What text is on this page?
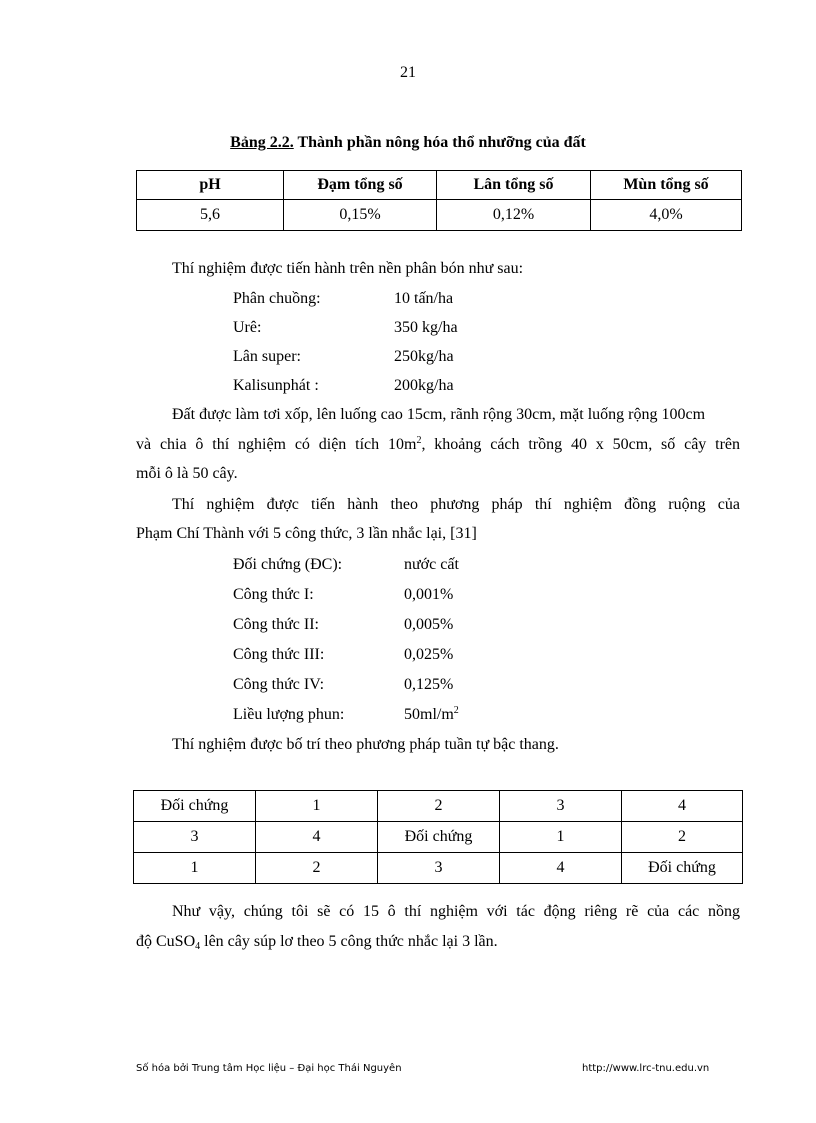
21
Bảng 2.2. Thành phần nông hóa thổ nhưỡng của đất
pH	Đạm tổng số	Lân tổng số	Mùn tổng số
5,6	0,15%	0,12%	4,0%
Thí nghiệm được tiến hành trên nền phân bón như sau:
Phân chuồng:	10 tấn/ha
Urê:	350 kg/ha
Lân super:	250kg/ha
Kalisunphát :	200kg/ha
Đất được làm tơi xốp, lên luống cao 15cm, rãnh rộng 30cm, mặt luống rộng 100cm
và chia ô thí nghiệm có diện tích $10m^2$, khoảng cách trồng 40 x 50cm, số cây trên
mỗi ô là 50 cây.
Thí nghiệm được tiến hành theo phương pháp thí nghiệm đồng ruộng của
Phạm Chí Thành với 5 công thức, 3 lần nhắc lại, [31]
Đối chứng (ĐC):	nước cất
Công thức I:	0,001%
Công thức II:	0,005%
Công thức III:	0,025%
Công thức IV:	0,125%
Liều lượng phun:	$50ml/m^2$
Thí nghiệm được bố trí theo phương pháp tuần tự bậc thang.
Đối chứng	1	2	3	4
3	4	Đối chứng	1	2
1	2	3	4	Đối chứng
Như vậy, chúng tôi sẽ có 15 ô thí nghiệm với tác động riêng rẽ của các nồng
độ CuSO$_4$ lên cây súp lơ theo 5 công thức nhắc lại 3 lần.
Số hóa bởi Trung tâm Học liệu – Đại học Thái Nguyên	http://www.lrc-tnu.edu.vn
